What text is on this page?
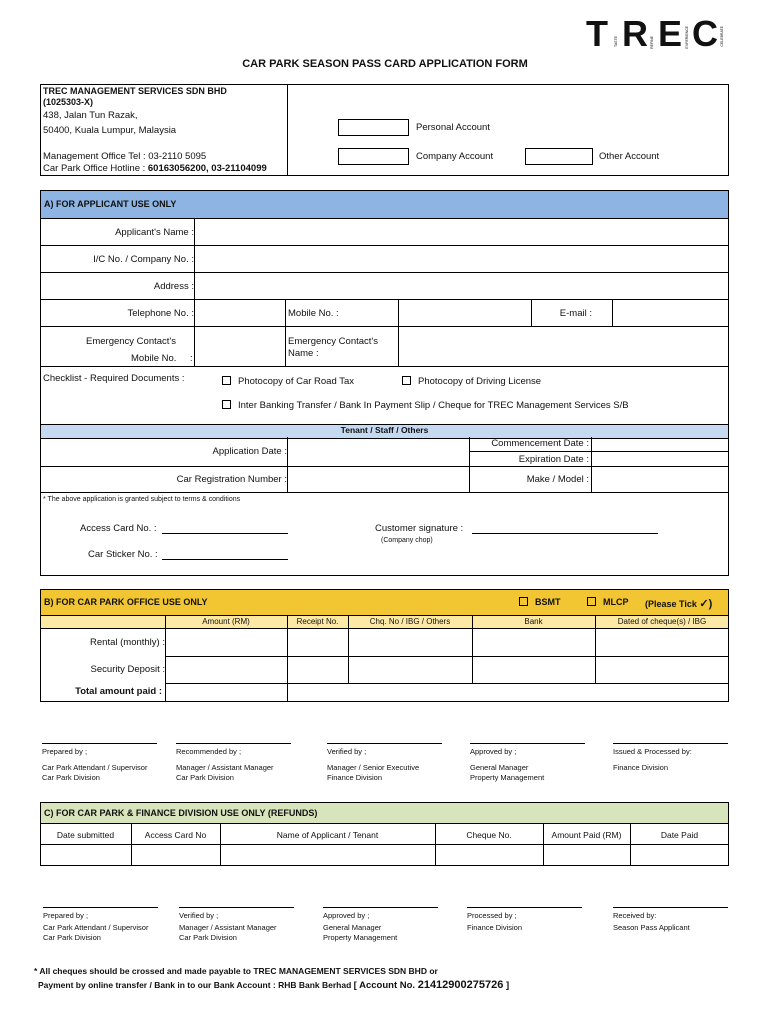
T TASTE R REFINE E EXPERIENCE C CELEBRATE
CAR PARK SEASON PASS CARD APPLICATION FORM
TREC MANAGEMENT SERVICES SDN BHD
(1025303-X)
438, Jalan Tun Razak,
50400, Kuala Lumpur, Malaysia
Management Office Tel : 03-2110 5095
Car Park Office Hotline : 60163056200, 03-21104099
Personal Account
Company Account	Other Account
A) FOR APPLICANT USE ONLY
Applicant's Name :
I/C No. / Company No. :
Address :
Telephone No. :	Mobile No. :	E-mail :
Emergency Contact's
Mobile No. :
Emergency Contact's
Name :
Checklist - Required Documents :	Photocopy of Car Road Tax	Photocopy of Driving License
Inter Banking Transfer / Bank In Payment Slip / Cheque for TREC Management Services S/B
Tenant / Staff / Others
Application Date :
Commencement Date :
Expiration Date :
Car Registration Number :	Make / Model :
* The above application is granted subject to terms & conditions
Access Card No. :
Car Sticker No. :
Customer signature :
(Company chop)
B) FOR CAR PARK OFFICE USE ONLY	BSMT	MLCP (Please Tick ✓)
Amount (RM)	Receipt No.	Chq. No / IBG / Others	Bank	Dated of cheque(s) / IBG
Rental (monthly) :
Security Deposit :
Total amount paid :
Prepared by ;
Car Park Attendant / Supervisor
Car Park Division
Recommended by ;
Manager / Assistant Manager
Car Park Division
Verified by ;
Manager / Senior Executive
Finance Division
Approved by ;
General Manager
Property Management
Issued & Processed by:
Finance Division
C) FOR CAR PARK & FINANCE DIVISION USE ONLY (REFUNDS)
Date submitted	Access Card No	Name of Applicant / Tenant	Cheque No.	Amount Paid (RM)	Date Paid
Prepared by ;
Car Park Attendant / Supervisor
Car Park Division
Verified by ;
Manager / Assistant Manager
Car Park Division
Approved by ;
General Manager
Property Management
Processed by ;
Finance Division
Received by:
Season Pass Applicant
* All cheques should be crossed and made payable to TREC MANAGEMENT SERVICES SDN BHD or
Payment by online transfer / Bank in to our Bank Account : RHB Bank Berhad [ Account No. 21412900275726 ]
